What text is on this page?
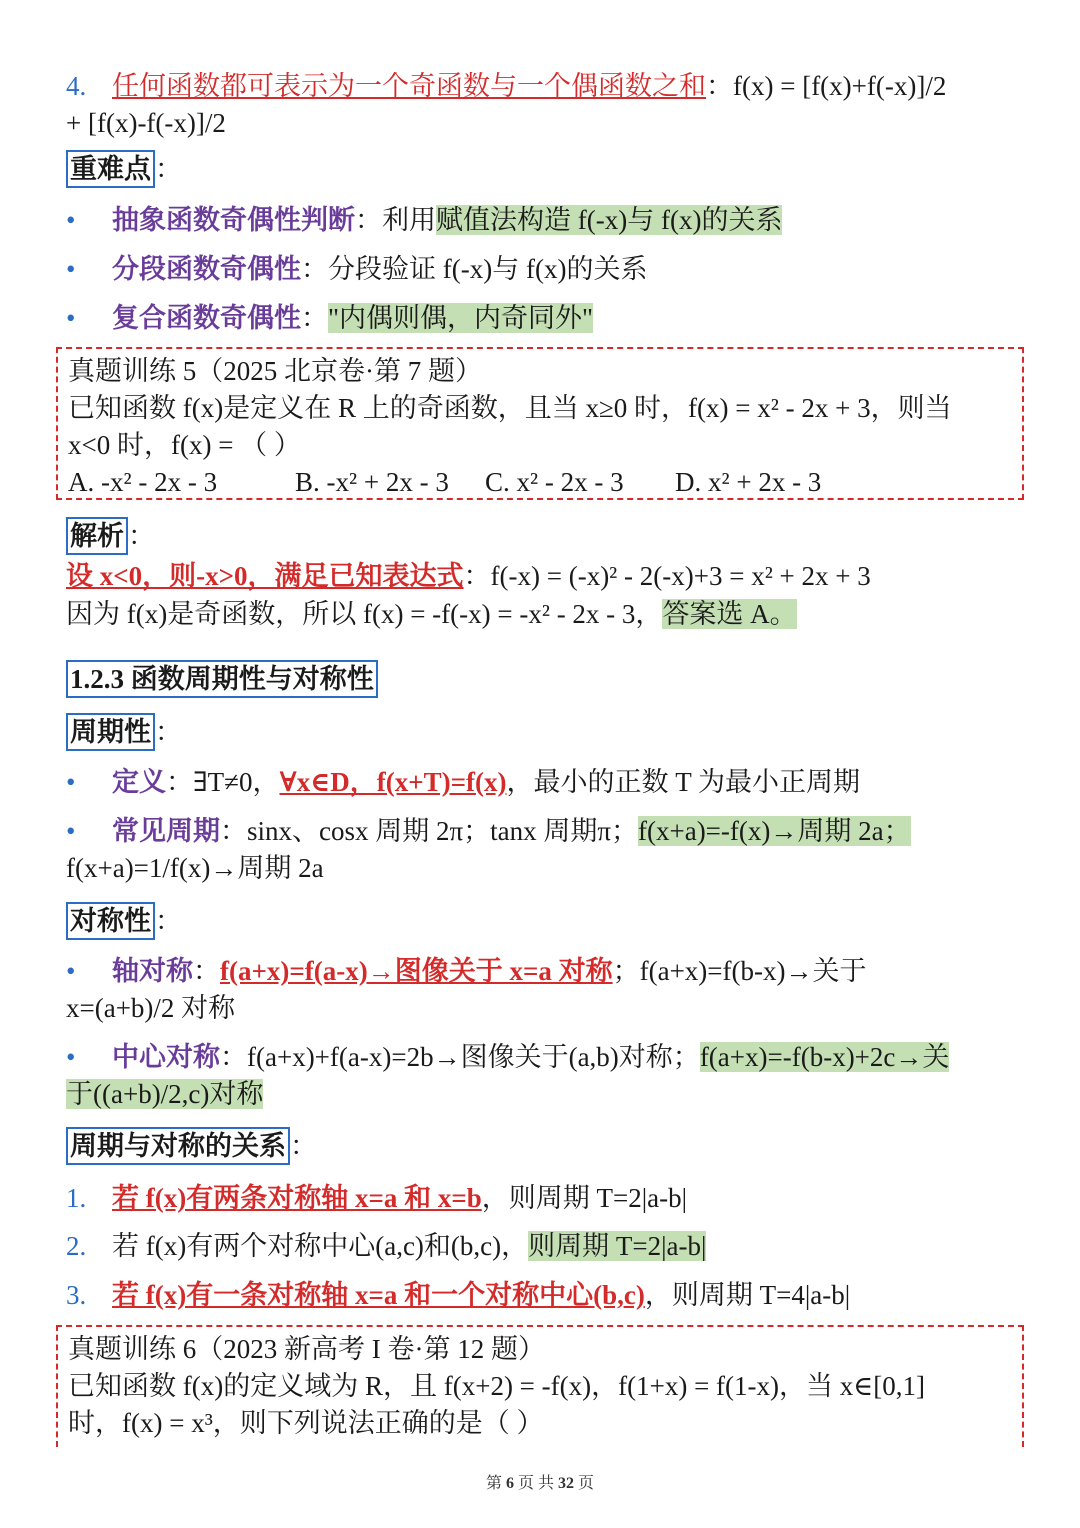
4. 任何函数都可表示为一个奇函数与一个偶函数之和：f(x) = [f(x)+f(-x)]/2
+ [f(x)-f(-x)]/2
重难点 ：
• 抽象函数奇偶性判断：利用赋值法构造 f(-x)与 f(x)的关系
• 分段函数奇偶性：分段验证 f(-x)与 f(x)的关系
• 复合函数奇偶性："内偶则偶，内奇同外"
真题训练 5（2025 北京卷·第 7 题）
已知函数 f(x)是定义在 R 上的奇函数，且当 x≥0 时，f(x) = x² - 2x + 3，则当
x<0 时，f(x) = （ ）
A. -x² - 2x - 3	B. -x² + 2x - 3 C. x² - 2x - 3 D. x² + 2x - 3
解析 ：
设 x<0，则-x>0，满足已知表达式：f(-x) = (-x)² - 2(-x)+3 = x² + 2x + 3
因为 f(x)是奇函数，所以 f(x) = -f(-x) = -x² - 2x - 3，答案选 A。
1.2.3 函数周期性与对称性
周期性 ：
• 定义：∃T≠0，∀x∈D，f(x+T)=f(x)，最小的正数 T 为最小正周期
• 常见周期：sinx、cosx 周期 2π；tanx 周期π；f(x+a)=-f(x)→周期 2a；
f(x+a)=1/f(x)→周期 2a
对称性 ：
• 轴对称：f(a+x)=f(a-x)→图像关于 x=a 对称；f(a+x)=f(b-x)→关于
x=(a+b)/2 对称
• 中心对称：f(a+x)+f(a-x)=2b→图像关于(a,b)对称；f(a+x)=-f(b-x)+2c→关
于((a+b)/2,c)对称
周期与对称的关系 ：
1. 若 f(x)有两条对称轴 x=a 和 x=b，则周期 T=2|a-b|
2. 若 f(x)有两个对称中心(a,c)和(b,c)，则周期 T=2|a-b|
3. 若 f(x)有一条对称轴 x=a 和一个对称中心(b,c)，则周期 T=4|a-b|
真题训练 6（2023 新高考 I 卷·第 12 题）
已知函数 f(x)的定义域为 R，且 f(x+2) = -f(x)，f(1+x) = f(1-x)，当 x∈[0,1]
时，f(x) = x³，则下列说法正确的是（ ）
第 6 页 共 32 页
